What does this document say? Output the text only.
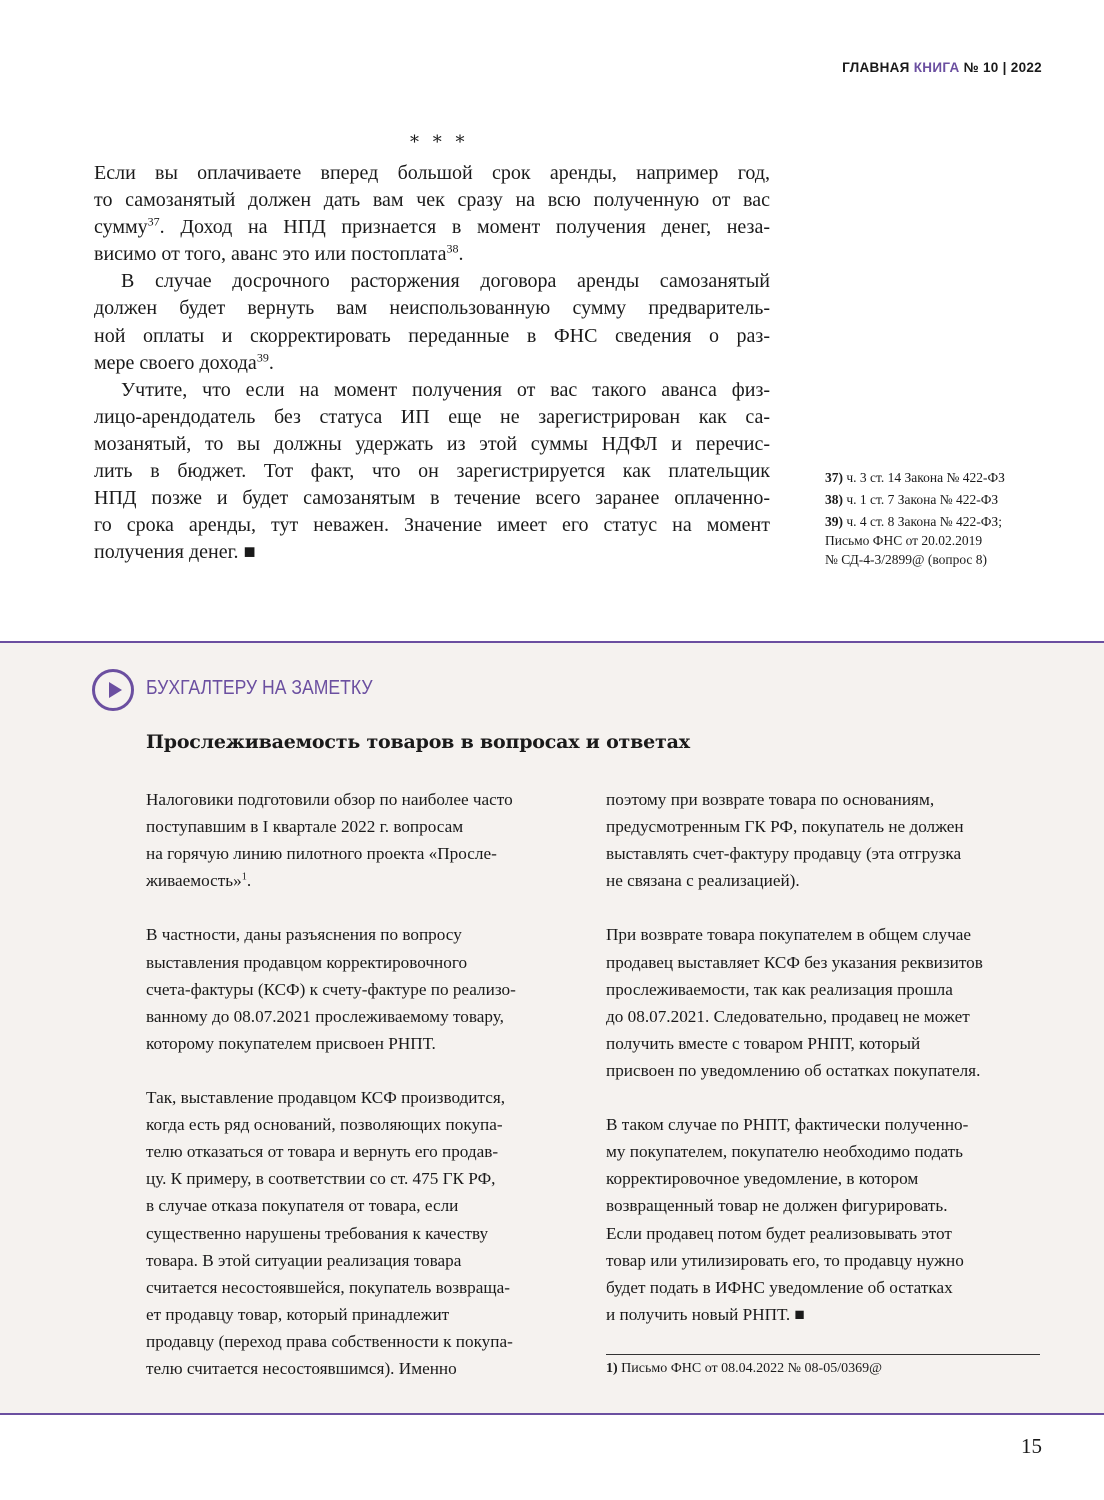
ГЛАВНАЯ КНИГА № 10 | 2022
* * *
Если вы оплачиваете вперед большой срок аренды, например год,
то самозанятый должен дать вам чек сразу на всю полученную от вас
сумму$^{37}$. Доход на НПД признается в момент получения денег, неза-
висимо от того, аванс это или постоплата$^{38}$.
В случае досрочного расторжения договора аренды самозанятый
должен будет вернуть вам неиспользованную сумму предваритель-
ной оплаты и скорректировать переданные в ФНС сведения о раз-
мере своего дохода$^{39}$.
Учтите, что если на момент получения от вас такого аванса физ-
лицо-арендодатель без статуса ИП еще не зарегистрирован как са-
мозанятый, то вы должны удержать из этой суммы НДФЛ и перечис-
лить в бюджет. Тот факт, что он зарегистрируется как плательщик
НПД позже и будет самозанятым в течение всего заранее оплаченно-
го срока аренды, тут неважен. Значение имеет его статус на момент
получения денег. ■

37) ч. 3 ст. 14 Закона № 422-ФЗ

38) ч. 1 ст. 7 Закона № 422-ФЗ

39) ч. 4 ст. 8 Закона № 422-ФЗ;
Письмо ФНС от 20.02.2019
№ СД-4-3/2899@ (вопрос 8)

БУХГАЛТЕРУ НА ЗАМЕТКУ
Прослеживаемость товаров в вопросах и ответах
Налоговики подготовили обзор по наиболее часто
поступавшим в I квартале 2022 г. вопросам
на горячую линию пилотного проекта «Просле-
живаемость»$^1$.
В частности, даны разъяснения по вопросу
выставления продавцом корректировочного
счета-фактуры (КСФ) к счету-фактуре по реализо-
ванному до 08.07.2021 прослеживаемому товару,
которому покупателем присвоен РНПТ.
Так, выставление продавцом КСФ производится,
когда есть ряд оснований, позволяющих покупа-
телю отказаться от товара и вернуть его продав-
цу. К примеру, в соответствии со ст. 475 ГК РФ,
в случае отказа покупателя от товара, если
существенно нарушены требования к качеству
товара. В этой ситуации реализация товара
считается несостоявшейся, покупатель возвраща-
ет продавцу товар, который принадлежит
продавцу (переход права собственности к покупа-
телю считается несостоявшимся). Именно
поэтому при возврате товара по основаниям,
предусмотренным ГК РФ, покупатель не должен
выставлять счет-фактуру продавцу (эта отгрузка
не связана с реализацией).
При возврате товара покупателем в общем случае
продавец выставляет КСФ без указания реквизитов
прослеживаемости, так как реализация прошла
до 08.07.2021. Следовательно, продавец не может
получить вместе с товаром РНПТ, который
присвоен по уведомлению об остатках покупателя.
В таком случае по РНПТ, фактически полученно-
му покупателем, покупателю необходимо подать
корректировочное уведомление, в котором
возвращенный товар не должен фигурировать.
Если продавец потом будет реализовывать этот
товар или утилизировать его, то продавцу нужно
будет подать в ИФНС уведомление об остатках
и получить новый РНПТ. ■
1) Письмо ФНС от 08.04.2022 № 08-05/0369@
15
